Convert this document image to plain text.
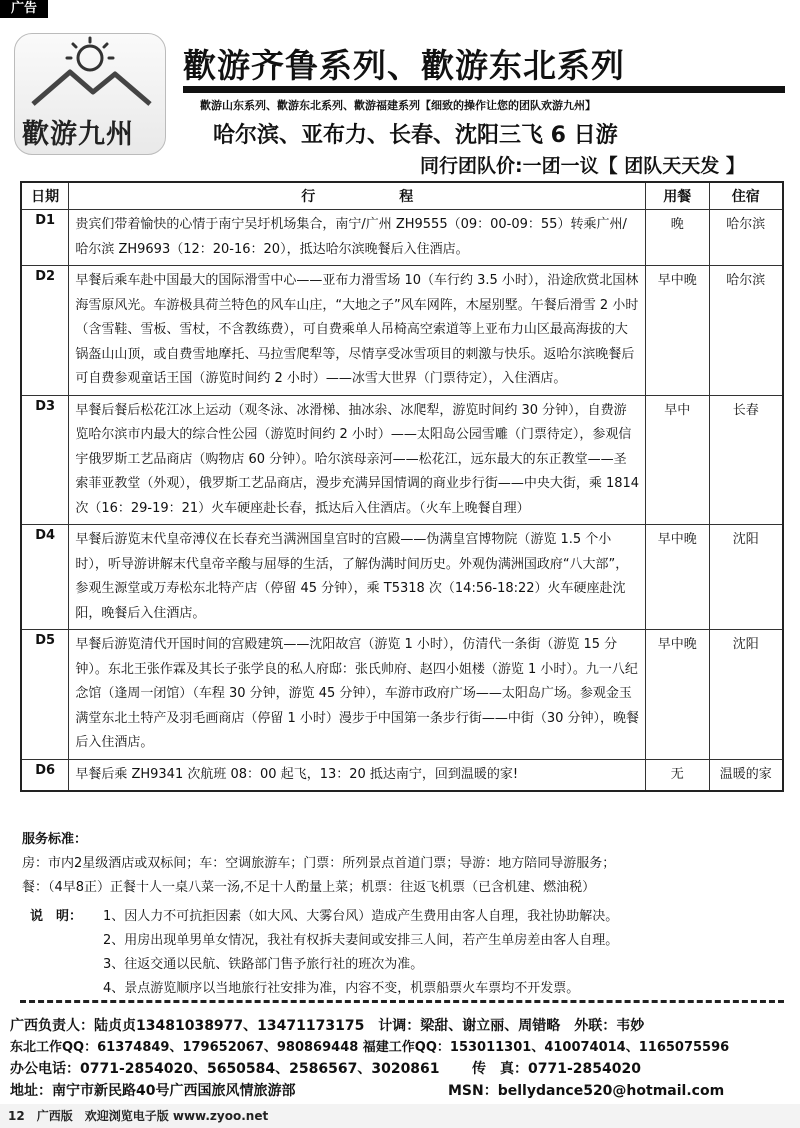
广告
歡游九州
歡游齐鲁系列、歡游东北系列
歡游山东系列、歡游东北系列、歡游福建系列【细致的操作让您的团队欢游九州】
哈尔滨、亚布力、长春、沈阳三飞 6 日游
同行团队价:一团一议【 团队天天发 】
日期	行　　　　　　程	用餐	住宿
D1	贵宾们带着愉快的心情于南宁吴圩机场集合，南宁/广州 ZH9555（09：00-09：55）转乘广州/哈尔滨 ZH9693（12：20-16：20），抵达哈尔滨晚餐后入住酒店。	晚	哈尔滨
D2	早餐后乘车赴中国最大的国际滑雪中心——亚布力滑雪场 10（车行约 3.5 小时），沿途欣赏北国林海雪原风光。车游极具荷兰特色的风车山庄，“大地之子”风车网阵，木屋别墅。午餐后滑雪 2 小时（含雪鞋、雪板、雪杖，不含教练费），可自费乘单人吊椅高空索道等上亚布力山区最高海拔的大锅盔山山顶，或自费雪地摩托、马拉雪爬犁等，尽情享受冰雪项目的刺激与快乐。返哈尔滨晚餐后可自费参观童话王国（游览时间约 2 小时）——冰雪大世界（门票待定），入住酒店。	早中晚	哈尔滨
D3	早餐后餐后松花江冰上运动（观冬泳、冰滑梯、抽冰尜、冰爬犁，游览时间约 30 分钟），自费游览哈尔滨市内最大的综合性公园（游览时间约 2 小时）——太阳岛公园雪雕（门票待定），参观信宇俄罗斯工艺品商店（购物店 60 分钟）。哈尔滨母亲河——松花江，远东最大的东正教堂——圣索菲亚教堂（外观），俄罗斯工艺品商店，漫步充满异国情调的商业步行街——中央大街，乘 1814 次（16：29-19：21）火车硬座赴长春，抵达后入住酒店。（火车上晚餐自理）	早中	长春
D4	早餐后游览末代皇帝溥仪在长春充当满洲国皇宫时的宫殿——伪满皇宫博物院（游览 1.5 个小时），听导游讲解末代皇帝辛酸与屈辱的生活，了解伪满时间历史。外观伪满洲国政府“八大部”，参观生源堂或万寿松东北特产店（停留 45 分钟），乘 T5318 次（14:56-18:22）火车硬座赴沈阳，晚餐后入住酒店。	早中晚	沈阳
D5	早餐后游览清代开国时间的宫殿建筑——沈阳故宫（游览 1 小时），仿清代一条街（游览 15 分钟）。东北王张作霖及其长子张学良的私人府邸：张氏帅府、赵四小姐楼（游览 1 小时）。九一八纪念馆（逢周一闭馆）（车程 30 分钟，游览 45 分钟），车游市政府广场——太阳岛广场。参观金玉满堂东北土特产及羽毛画商店（停留 1 小时）漫步于中国第一条步行街——中街（30 分钟），晚餐后入住酒店。	早中晚	沈阳
D6	早餐后乘 ZH9341 次航班 08：00 起飞，13：20 抵达南宁，回到温暖的家!	无	温暖的家
服务标准：
房：市内2星级酒店或双标间；车：空调旅游车；门票：所列景点首道门票；导游：地方陪同导游服务；
餐：（4早8正）正餐十人一桌八菜一汤,不足十人酌量上菜；机票：往返飞机票（已含机建、燃油税）
说　明： 1、因人力不可抗拒因素（如大风、大雾台风）造成产生费用由客人自理，我社协助解决。
2、用房出现单男单女情况，我社有权拆夫妻间或安排三人间，若产生单房差由客人自理。
3、往返交通以民航、铁路部门售予旅行社的班次为准。
4、景点游览顺序以当地旅行社安排为准，内容不变，机票船票火车票均不开发票。
广西负责人：陆贞贞13481038977、13471173175　计调：梁甜、谢立丽、周错略　外联：韦妙
东北工作QQ：61374849、179652067、980869448 福建工作QQ：153011301、410074014、1165075596
办公电话：0771-2854020、5650584、2586567、3020861 传　真：0771-2854020
地址：南宁市新民路40号广西国旅风情旅游部	MSN：bellydance520@hotmail.com
12　广西版　欢迎浏览电子版 www.zyoo.net
